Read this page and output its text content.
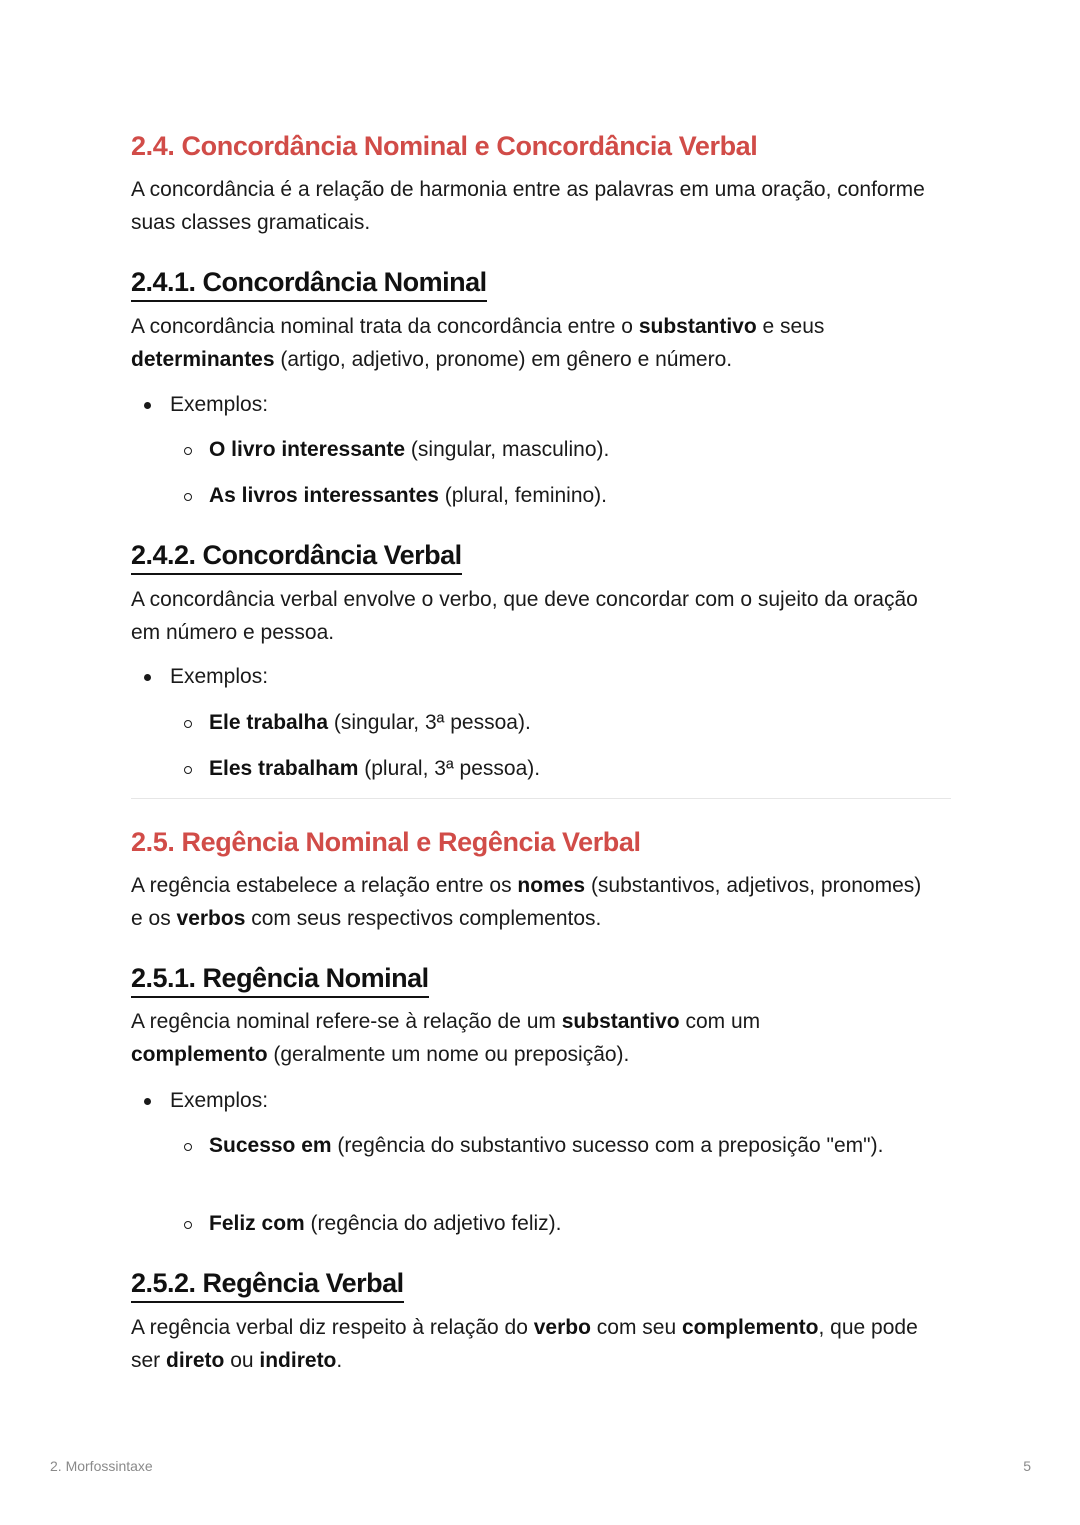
2.4. Concordância Nominal e Concordância Verbal

A concordância é a relação de harmonia entre as palavras em uma oração, conforme suas classes gramaticais.

2.4.1. Concordância Nominal

A concordância nominal trata da concordância entre o substantivo e seus determinantes (artigo, adjetivo, pronome) em gênero e número.

Exemplos:
O livro interessante (singular, masculino).
As livros interessantes (plural, feminino).
2.4.2. Concordância Verbal

A concordância verbal envolve o verbo, que deve concordar com o sujeito da oração em número e pessoa.

Exemplos:
Ele trabalha (singular, 3ª pessoa).
Eles trabalham (plural, 3ª pessoa).
2.5. Regência Nominal e Regência Verbal

A regência estabelece a relação entre os nomes (substantivos, adjetivos, pronomes) e os verbos com seus respectivos complementos.

2.5.1. Regência Nominal

A regência nominal refere-se à relação de um substantivo com um complemento (geralmente um nome ou preposição).

Exemplos:
Sucesso em (regência do substantivo sucesso com a preposição "em").
Feliz com (regência do adjetivo feliz).
2.5.2. Regência Verbal

A regência verbal diz respeito à relação do verbo com seu complemento, que pode ser direto ou indireto.

2. Morfossintaxe	5
